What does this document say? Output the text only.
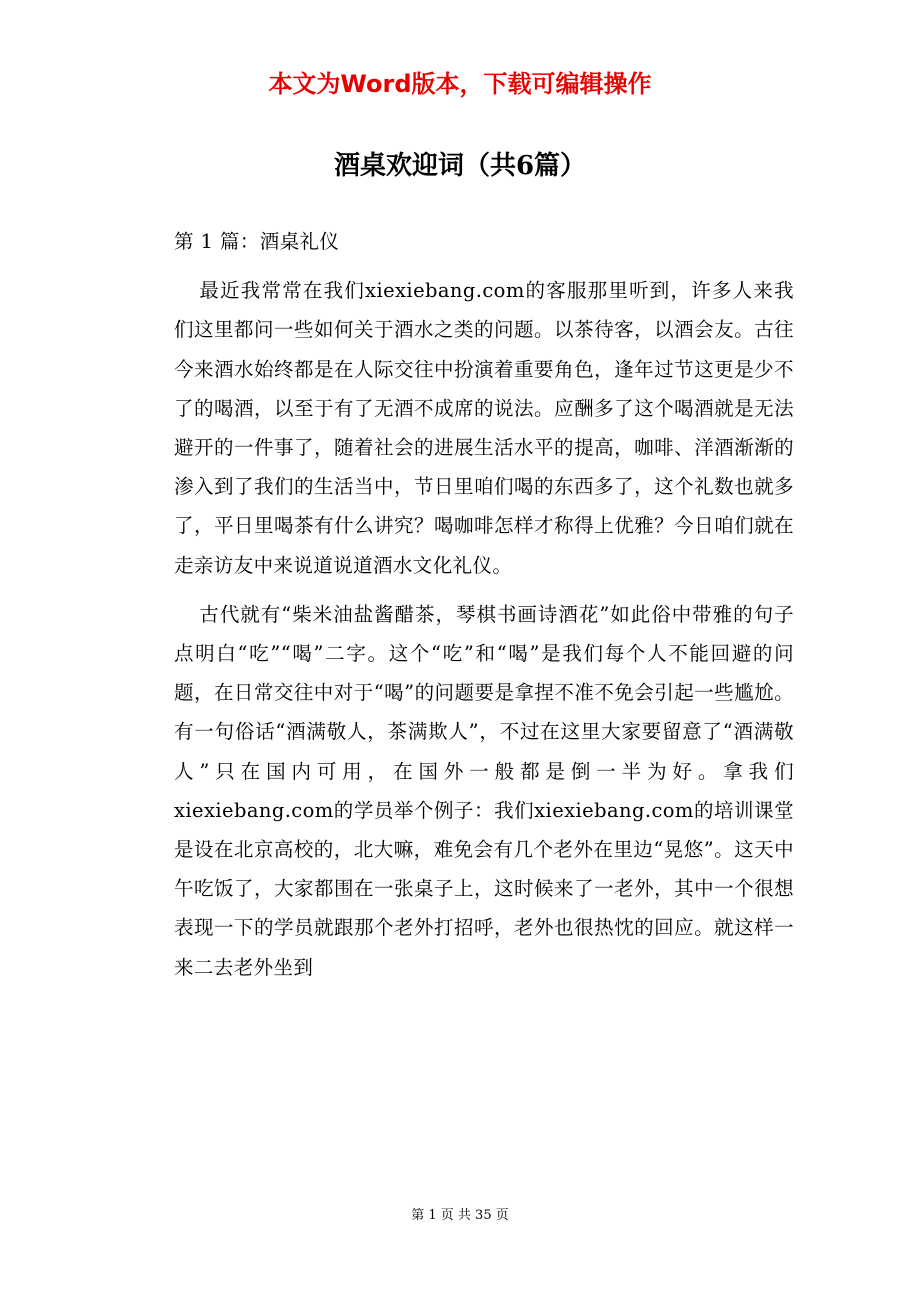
本文为Word版本，下载可编辑操作
酒桌欢迎词（共6篇）

第 1 篇：酒桌礼仪

最近我常常在我们xiexiebang.com的客服那里听到，许多人来我们这里都问一些如何关于酒水之类的问题。以茶待客，以酒会友。古往今来酒水始终都是在人际交往中扮演着重要角色，逢年过节这更是少不了的喝酒，以至于有了无酒不成席的说法。应酬多了这个喝酒就是无法避开的一件事了，随着社会的进展生活水平的提高，咖啡、洋酒渐渐的渗入到了我们的生活当中，节日里咱们喝的东西多了，这个礼数也就多了，平日里喝茶有什么讲究？喝咖啡怎样才称得上优雅？今日咱们就在走亲访友中来说道说道酒水文化礼仪。

古代就有“柴米油盐酱醋茶，琴棋书画诗酒花”如此俗中带雅的句子点明白“吃”“喝”二字。这个“吃”和“喝”是我们每个人不能回避的问题，在日常交往中对于“喝”的问题要是拿捏不准不免会引起一些尴尬。有一句俗话“酒满敬人，茶满欺人”，不过在这里大家要留意了“酒满敬人”只在国内可用，在国外一般都是倒一半为好。拿我们xiexiebang.com的学员举个例子：我们xiexiebang.com的培训课堂是设在北京高校的，北大嘛，难免会有几个老外在里边“晃悠”。这天中午吃饭了，大家都围在一张桌子上，这时候来了一老外，其中一个很想表现一下的学员就跟那个老外打招呼，老外也很热忱的回应。就这样一来二去老外坐到

第 1 页 共 35 页
